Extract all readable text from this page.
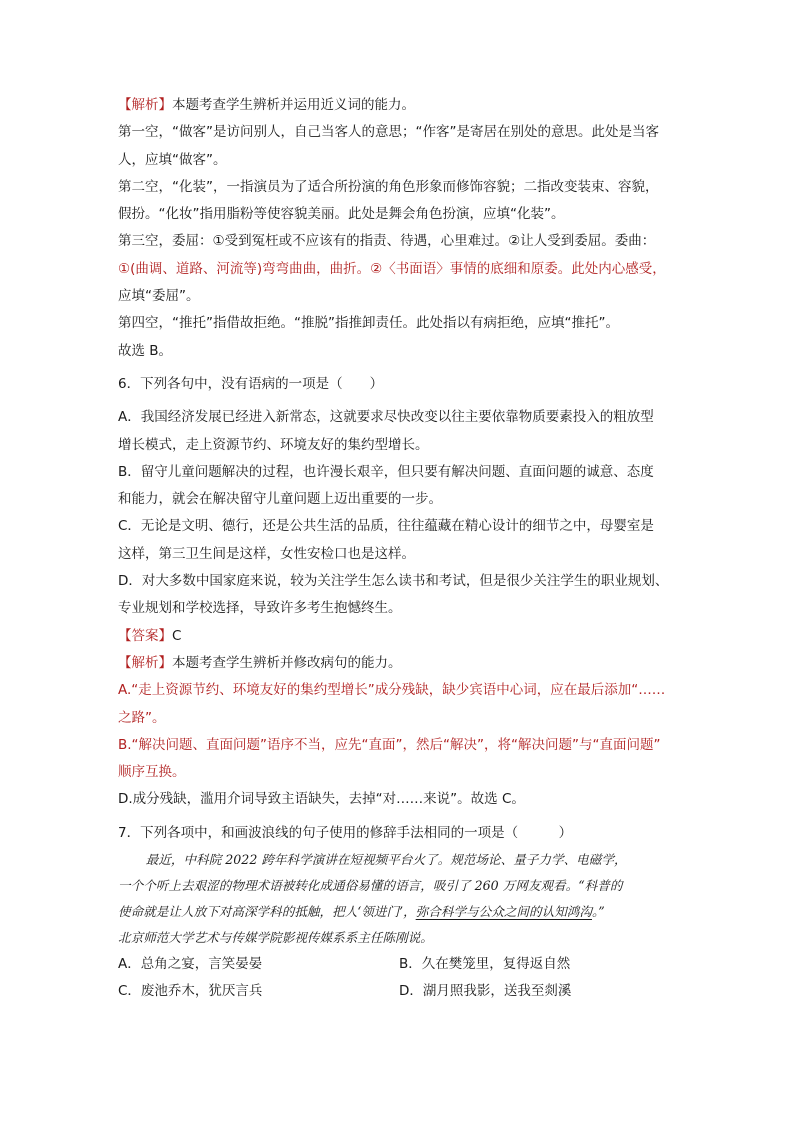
【解析】本题考查学生辨析并运用近义词的能力。
第一空，“做客”是访问别人，自己当客人的意思；“作客”是寄居在别处的意思。此处是当客
人，应填“做客”。
第二空，“化装”，一指演员为了适合所扮演的角色形象而修饰容貌；二指改变装束、容貌，
假扮。“化妆”指用脂粉等使容貌美丽。此处是舞会角色扮演，应填“化装”。
第三空，委屈：①受到冤枉或不应该有的指责、待遇，心里难过。②让人受到委屈。委曲：
①(曲调、道路、河流等)弯弯曲曲，曲折。②〈书面语〉事情的底细和原委。此处内心感受，
应填“委屈”。
第四空，“推托”指借故拒绝。“推脱”指推卸责任。此处指以有病拒绝，应填“推托”。
故选 B。
6．下列各句中，没有语病的一项是（　　）
A．我国经济发展已经进入新常态，这就要求尽快改变以往主要依靠物质要素投入的粗放型
增长模式，走上资源节约、环境友好的集约型增长。
B．留守儿童问题解决的过程，也许漫长艰辛，但只要有解决问题、直面问题的诚意、态度
和能力，就会在解决留守儿童问题上迈出重要的一步。
C．无论是文明、德行，还是公共生活的品质，往往蕴藏在精心设计的细节之中，母婴室是
这样，第三卫生间是这样，女性安检口也是这样。
D．对大多数中国家庭来说，较为关注学生怎么读书和考试，但是很少关注学生的职业规划、
专业规划和学校选择，导致许多考生抱憾终生。
【答案】C
【解析】本题考查学生辨析并修改病句的能力。
A.“走上资源节约、环境友好的集约型增长”成分残缺，缺少宾语中心词，应在最后添加“……
之路”。
B.“解决问题、直面问题”语序不当，应先“直面”，然后“解决”，将“解决问题”与“直面问题”
顺序互换。
D.成分残缺，滥用介词导致主语缺失，去掉“对……来说”。故选 C。
7．下列各项中，和画波浪线的句子使用的修辞手法相同的一项是（　　　）
最近，中科院 2022 跨年科学演讲在短视频平台火了。规范场论、量子力学、电磁学，
一个个听上去艰涩的物理术语被转化成通俗易懂的语言，吸引了 260 万网友观看。“科普的
使命就是让人放下对高深学科的抵触，把人‘领进门’，弥合科学与公众之间的认知鸿沟。”
北京师范大学艺术与传媒学院影视传媒系系主任陈刚说。
A．总角之宴，言笑晏晏	B．久在樊笼里，复得返自然
C．废池乔木，犹厌言兵	D．湖月照我影，送我至剡溪
